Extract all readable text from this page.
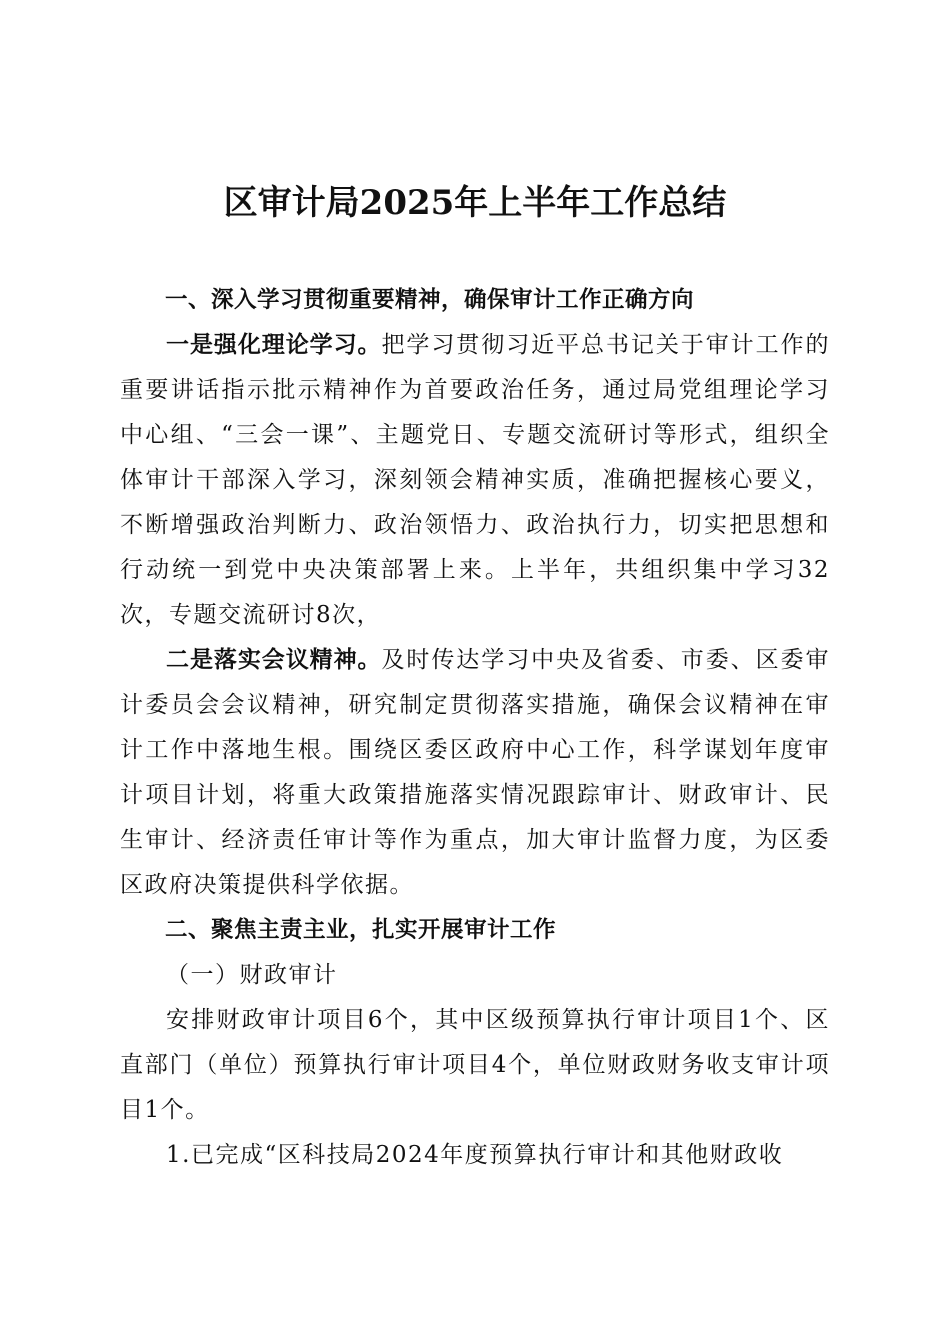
区审计局2025年上半年工作总结

一、深入学习贯彻重要精神，确保审计工作正确方向

一是强化理论学习。把学习贯彻习近平总书记关于审计工作的重要讲话指示批示精神作为首要政治任务，通过局党组理论学习中心组、“三会一课”、主题党日、专题交流研讨等形式，组织全体审计干部深入学习，深刻领会精神实质，准确把握核心要义，不断增强政治判断力、政治领悟力、政治执行力，切实把思想和行动统一到党中央决策部署上来。上半年，共组织集中学习32次，专题交流研讨8次，

二是落实会议精神。及时传达学习中央及省委、市委、区委审计委员会会议精神，研究制定贯彻落实措施，确保会议精神在审计工作中落地生根。围绕区委区政府中心工作，科学谋划年度审计项目计划，将重大政策措施落实情况跟踪审计、财政审计、民生审计、经济责任审计等作为重点，加大审计监督力度，为区委区政府决策提供科学依据。

二、聚焦主责主业，扎实开展审计工作

（一）财政审计

安排财政审计项目6个，其中区级预算执行审计项目1个、区直部门（单位）预算执行审计项目4个，单位财政财务收支审计项目1个。

1.已完成“区科技局2024年度预算执行审计和其他财政收
